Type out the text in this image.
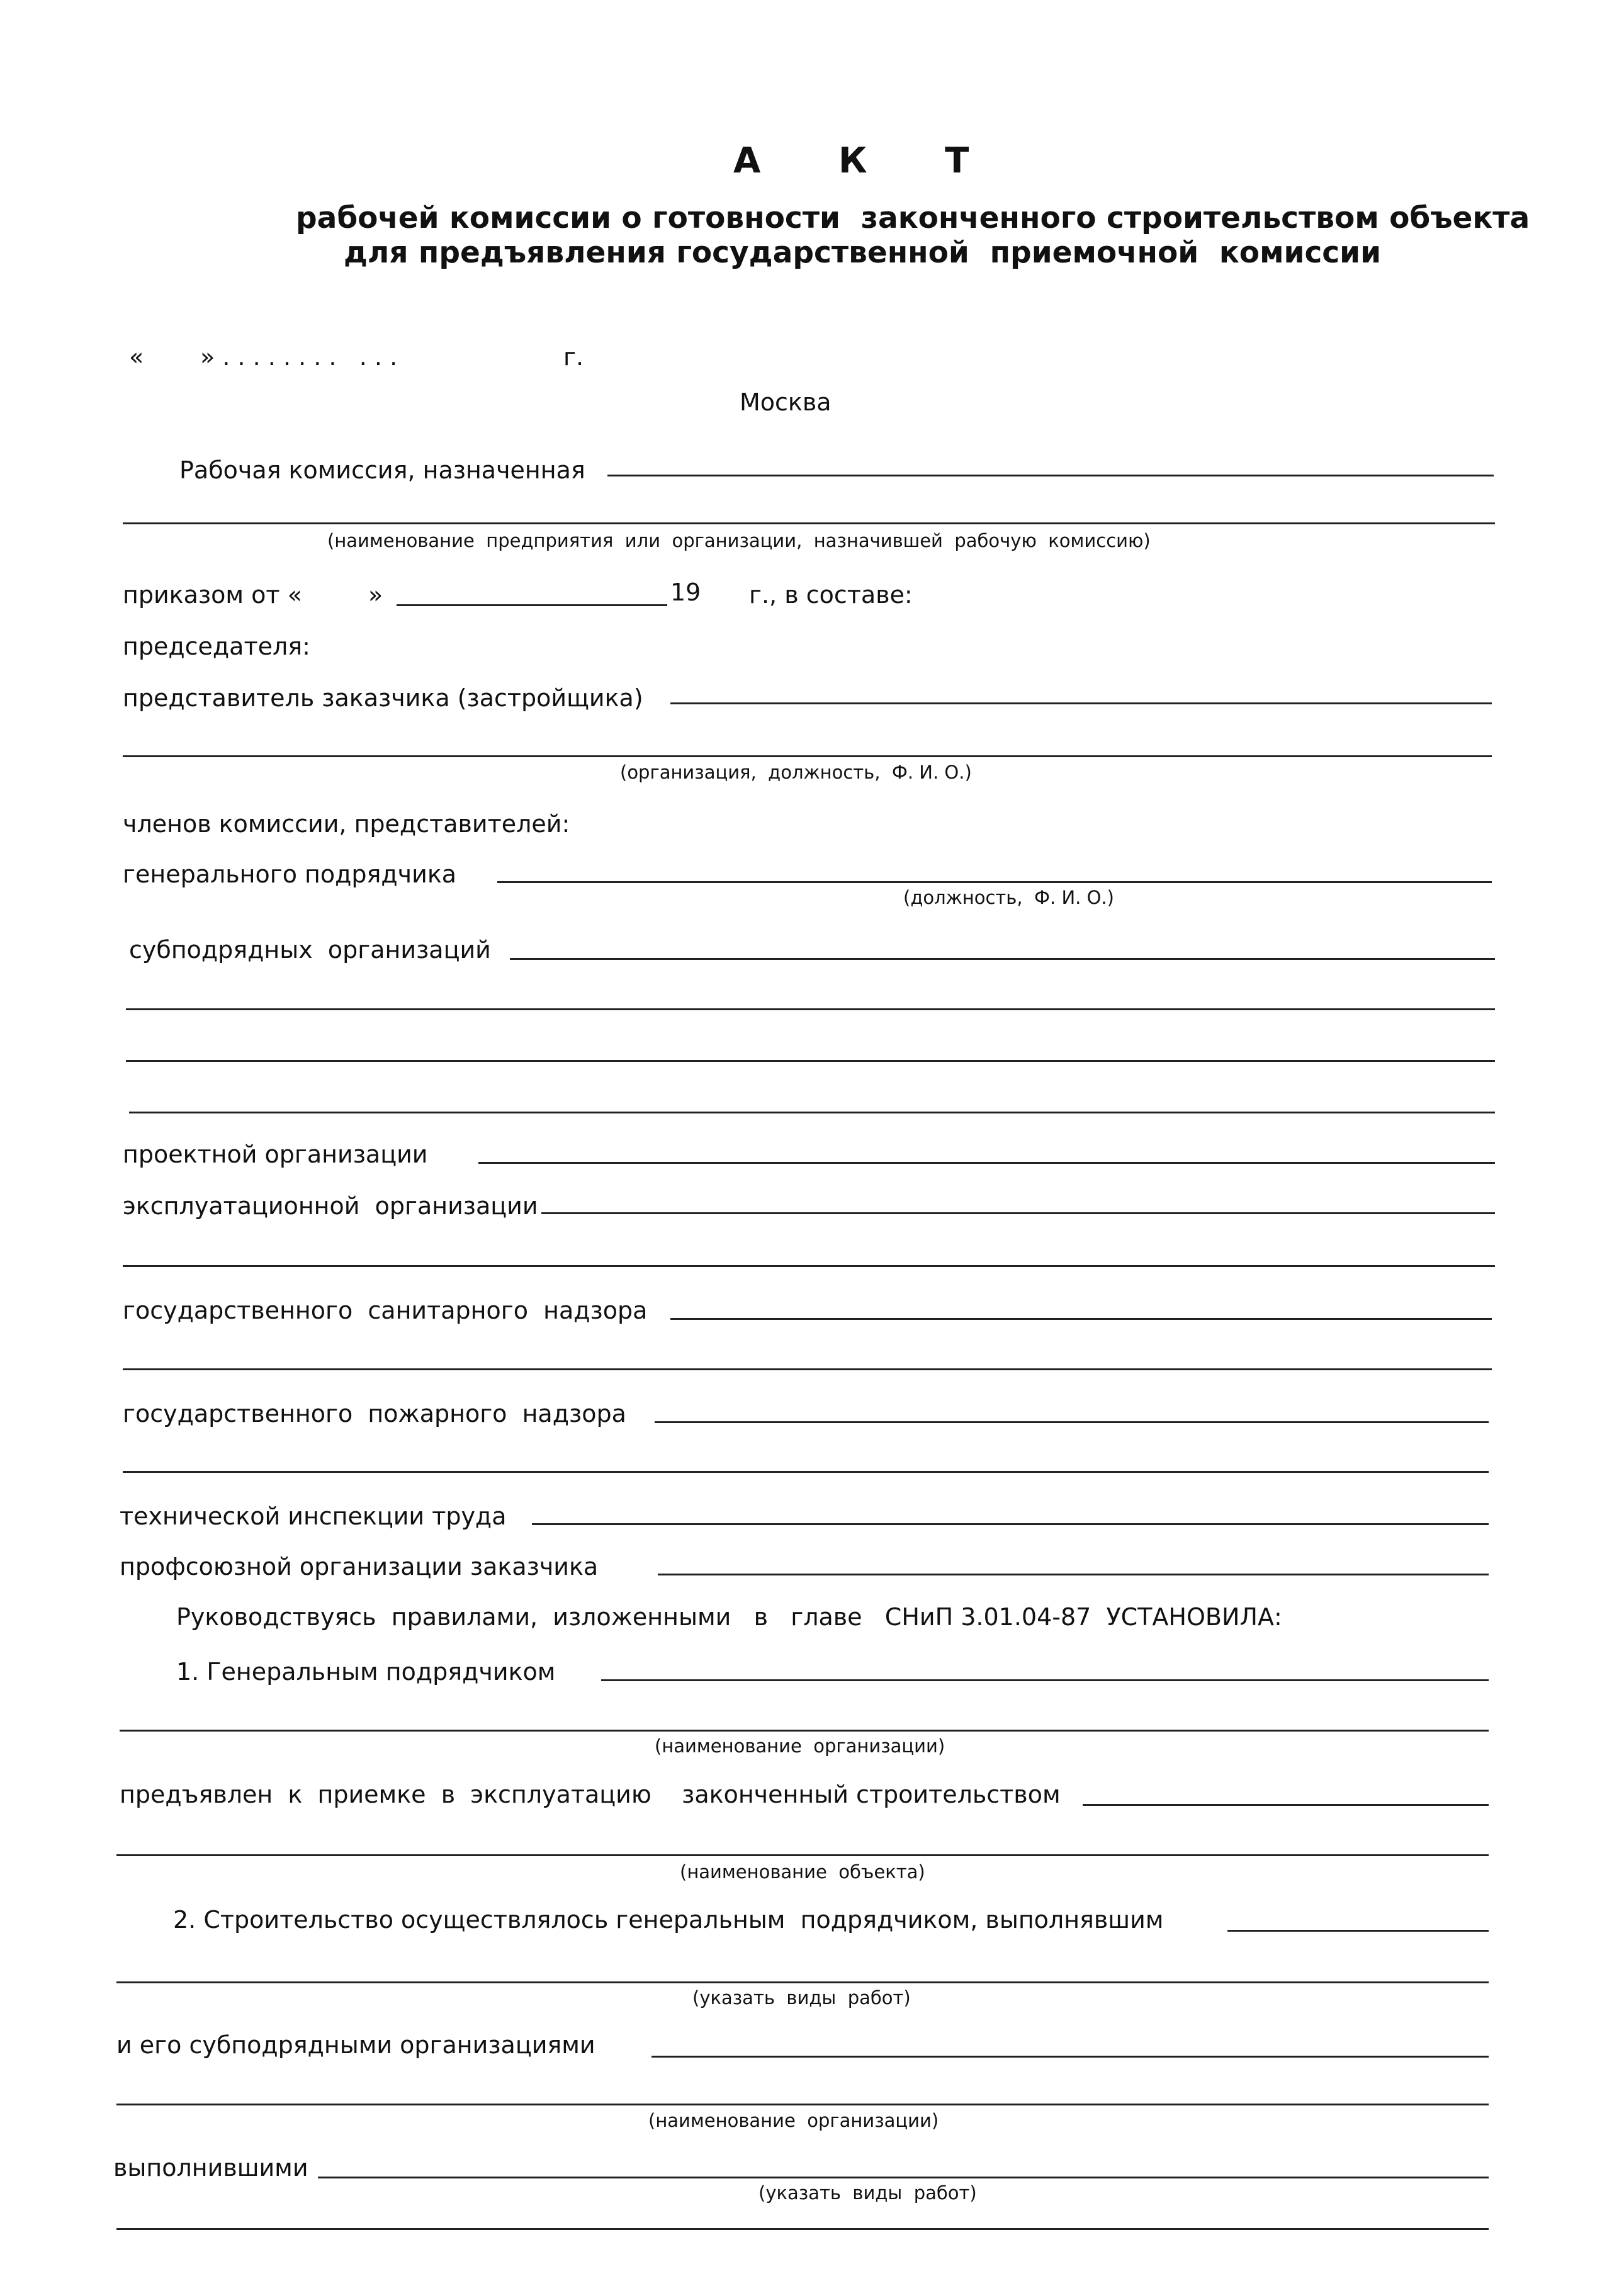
А К Т
рабочей комиссии о готовности  законченного строительством объекта
для предъявления государственной  приемочной  комиссии
« » . . . . . . . .   . . .	г.
Москва
Рабочая комиссия, назначенная
(наименование  предприятия  или  организации,  назначившей  рабочую  комиссию)
приказом от «	»	19 г., в составе:
председателя:
представитель заказчика (застройщика)
(организация,  должность,  Ф. И. О.)
членов комиссии, представителей:
генерального подрядчика
(должность,  Ф. И. О.)
субподрядных  организаций
проектной организации
эксплуатационной  организации
государственного  санитарного  надзора
государственного  пожарного  надзора
технической инспекции труда
профсоюзной организации заказчика
Руководствуясь  правилами,  изложенными   в   главе   СНиП 3.01.04-87  УСТАНОВИЛА:
1. Генеральным подрядчиком
(наименование  организации)
предъявлен  к  приемке  в  эксплуатацию    законченный строительством
(наименование  объекта)
2. Строительство осуществлялось генеральным  подрядчиком, выполнявшим
(указать  виды  работ)
и его субподрядными организациями
(наименование  организации)
выполнившими
(указать  виды  работ)
